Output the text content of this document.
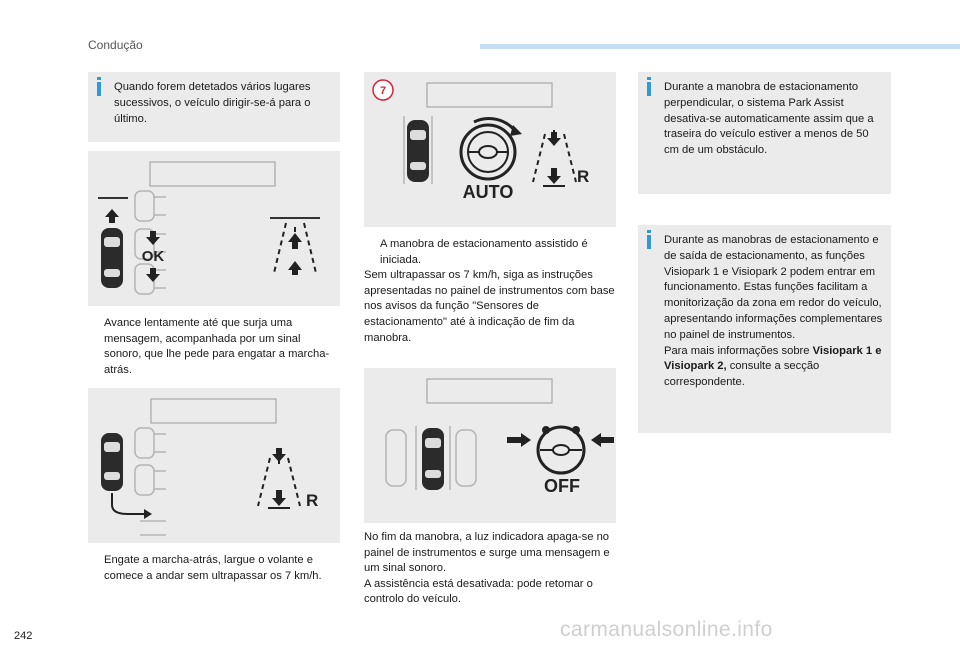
Condução
Quando forem detetados vários lugares sucessivos, o veículo dirigir-se-á para o último.
OK
Avance lentamente até que surja uma mensagem, acompanhada por um sinal sonoro, que lhe pede para engatar a marcha-atrás.
R
Engate a marcha-atrás, largue o volante e comece a andar sem ultrapassar os 7 km/h.
7
AUTO
R
A manobra de estacionamento assistido é iniciada.
Sem ultrapassar os 7 km/h, siga as instruções apresentadas no painel de instrumentos com base nos avisos da função "Sensores de estacionamento" até à indicação de fim da manobra.
OFF
No fim da manobra, a luz indicadora apaga-se no painel de instrumentos e surge uma mensagem e um sinal sonoro.
A assistência está desativada: pode retomar o controlo do veículo.
Durante a manobra de estacionamento perpendicular, o sistema Park Assist desativa-se automaticamente assim que a traseira do veículo estiver a menos de 50 cm de um obstáculo.
Durante as manobras de estacionamento e de saída de estacionamento, as funções Visiopark 1 e Visiopark 2 podem entrar em funcionamento. Estas funções facilitam a monitorização da zona em redor do veículo, apresentando informações complementares no painel de instrumentos.
Para mais informações sobre Visiopark 1 e Visiopark 2, consulte a secção correspondente.
242	carmanualsonline.info
